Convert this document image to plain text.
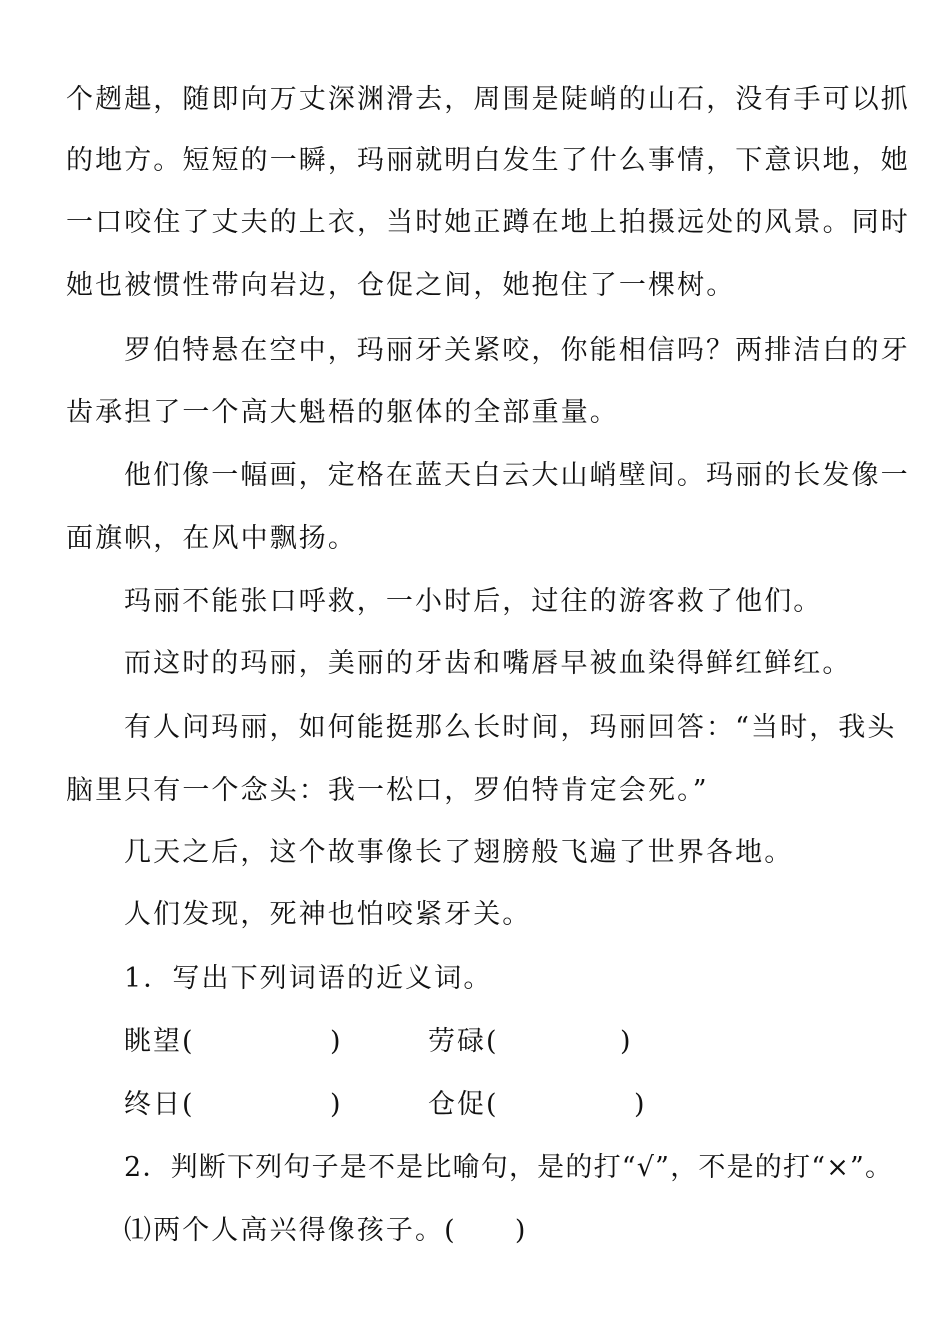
个趔趄，随即向万丈深渊滑去，周围是陡峭的山石，没有手可以抓
的地方。短短的一瞬，玛丽就明白发生了什么事情，下意识地，她
一口咬住了丈夫的上衣，当时她正蹲在地上拍摄远处的风景。同时
她也被惯性带向岩边，仓促之间，她抱住了一棵树。
罗伯特悬在空中，玛丽牙关紧咬，你能相信吗？两排洁白的牙
齿承担了一个高大魁梧的躯体的全部重量。
他们像一幅画，定格在蓝天白云大山峭壁间。玛丽的长发像一
面旗帜，在风中飘扬。
玛丽不能张口呼救，一小时后，过往的游客救了他们。
而这时的玛丽，美丽的牙齿和嘴唇早被血染得鲜红鲜红。
有人问玛丽，如何能挺那么长时间，玛丽回答：“当时，我头
脑里只有一个念头：我一松口，罗伯特肯定会死。”
几天之后，这个故事像长了翅膀般飞遍了世界各地。
人们发现，死神也怕咬紧牙关。
1．写出下列词语的近义词。
眺望(	)	劳碌(	)
终日(	)	仓促(	)
2．判断下列句子是不是比喻句，是的打“√”，不是的打“×”。
⑴两个人高兴得像孩子。(　　)
